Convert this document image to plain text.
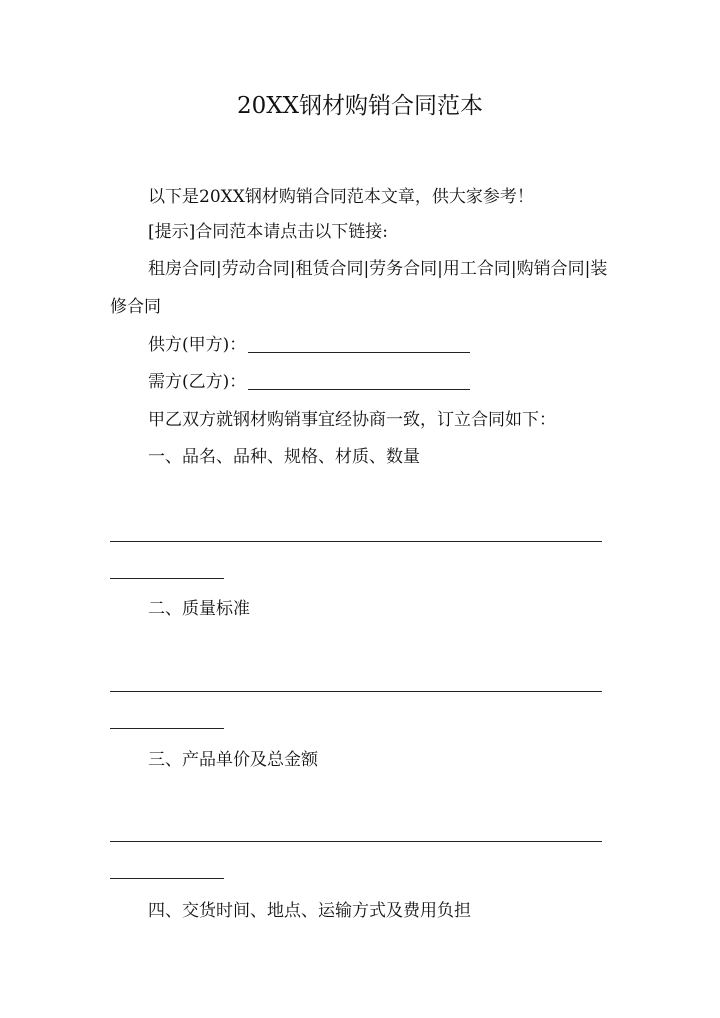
20XX钢材购销合同范本
以下是20XX钢材购销合同范本文章，供大家参考！
[提示]合同范本请点击以下链接:
租房合同|劳动合同|租赁合同|劳务合同|用工合同|购销合同|装修合同
供方(甲方)：
需方(乙方)：
甲乙双方就钢材购销事宜经协商一致，订立合同如下：
一、品名、品种、规格、材质、数量
二、质量标准
三、产品单价及总金额
四、交货时间、地点、运输方式及费用负担
